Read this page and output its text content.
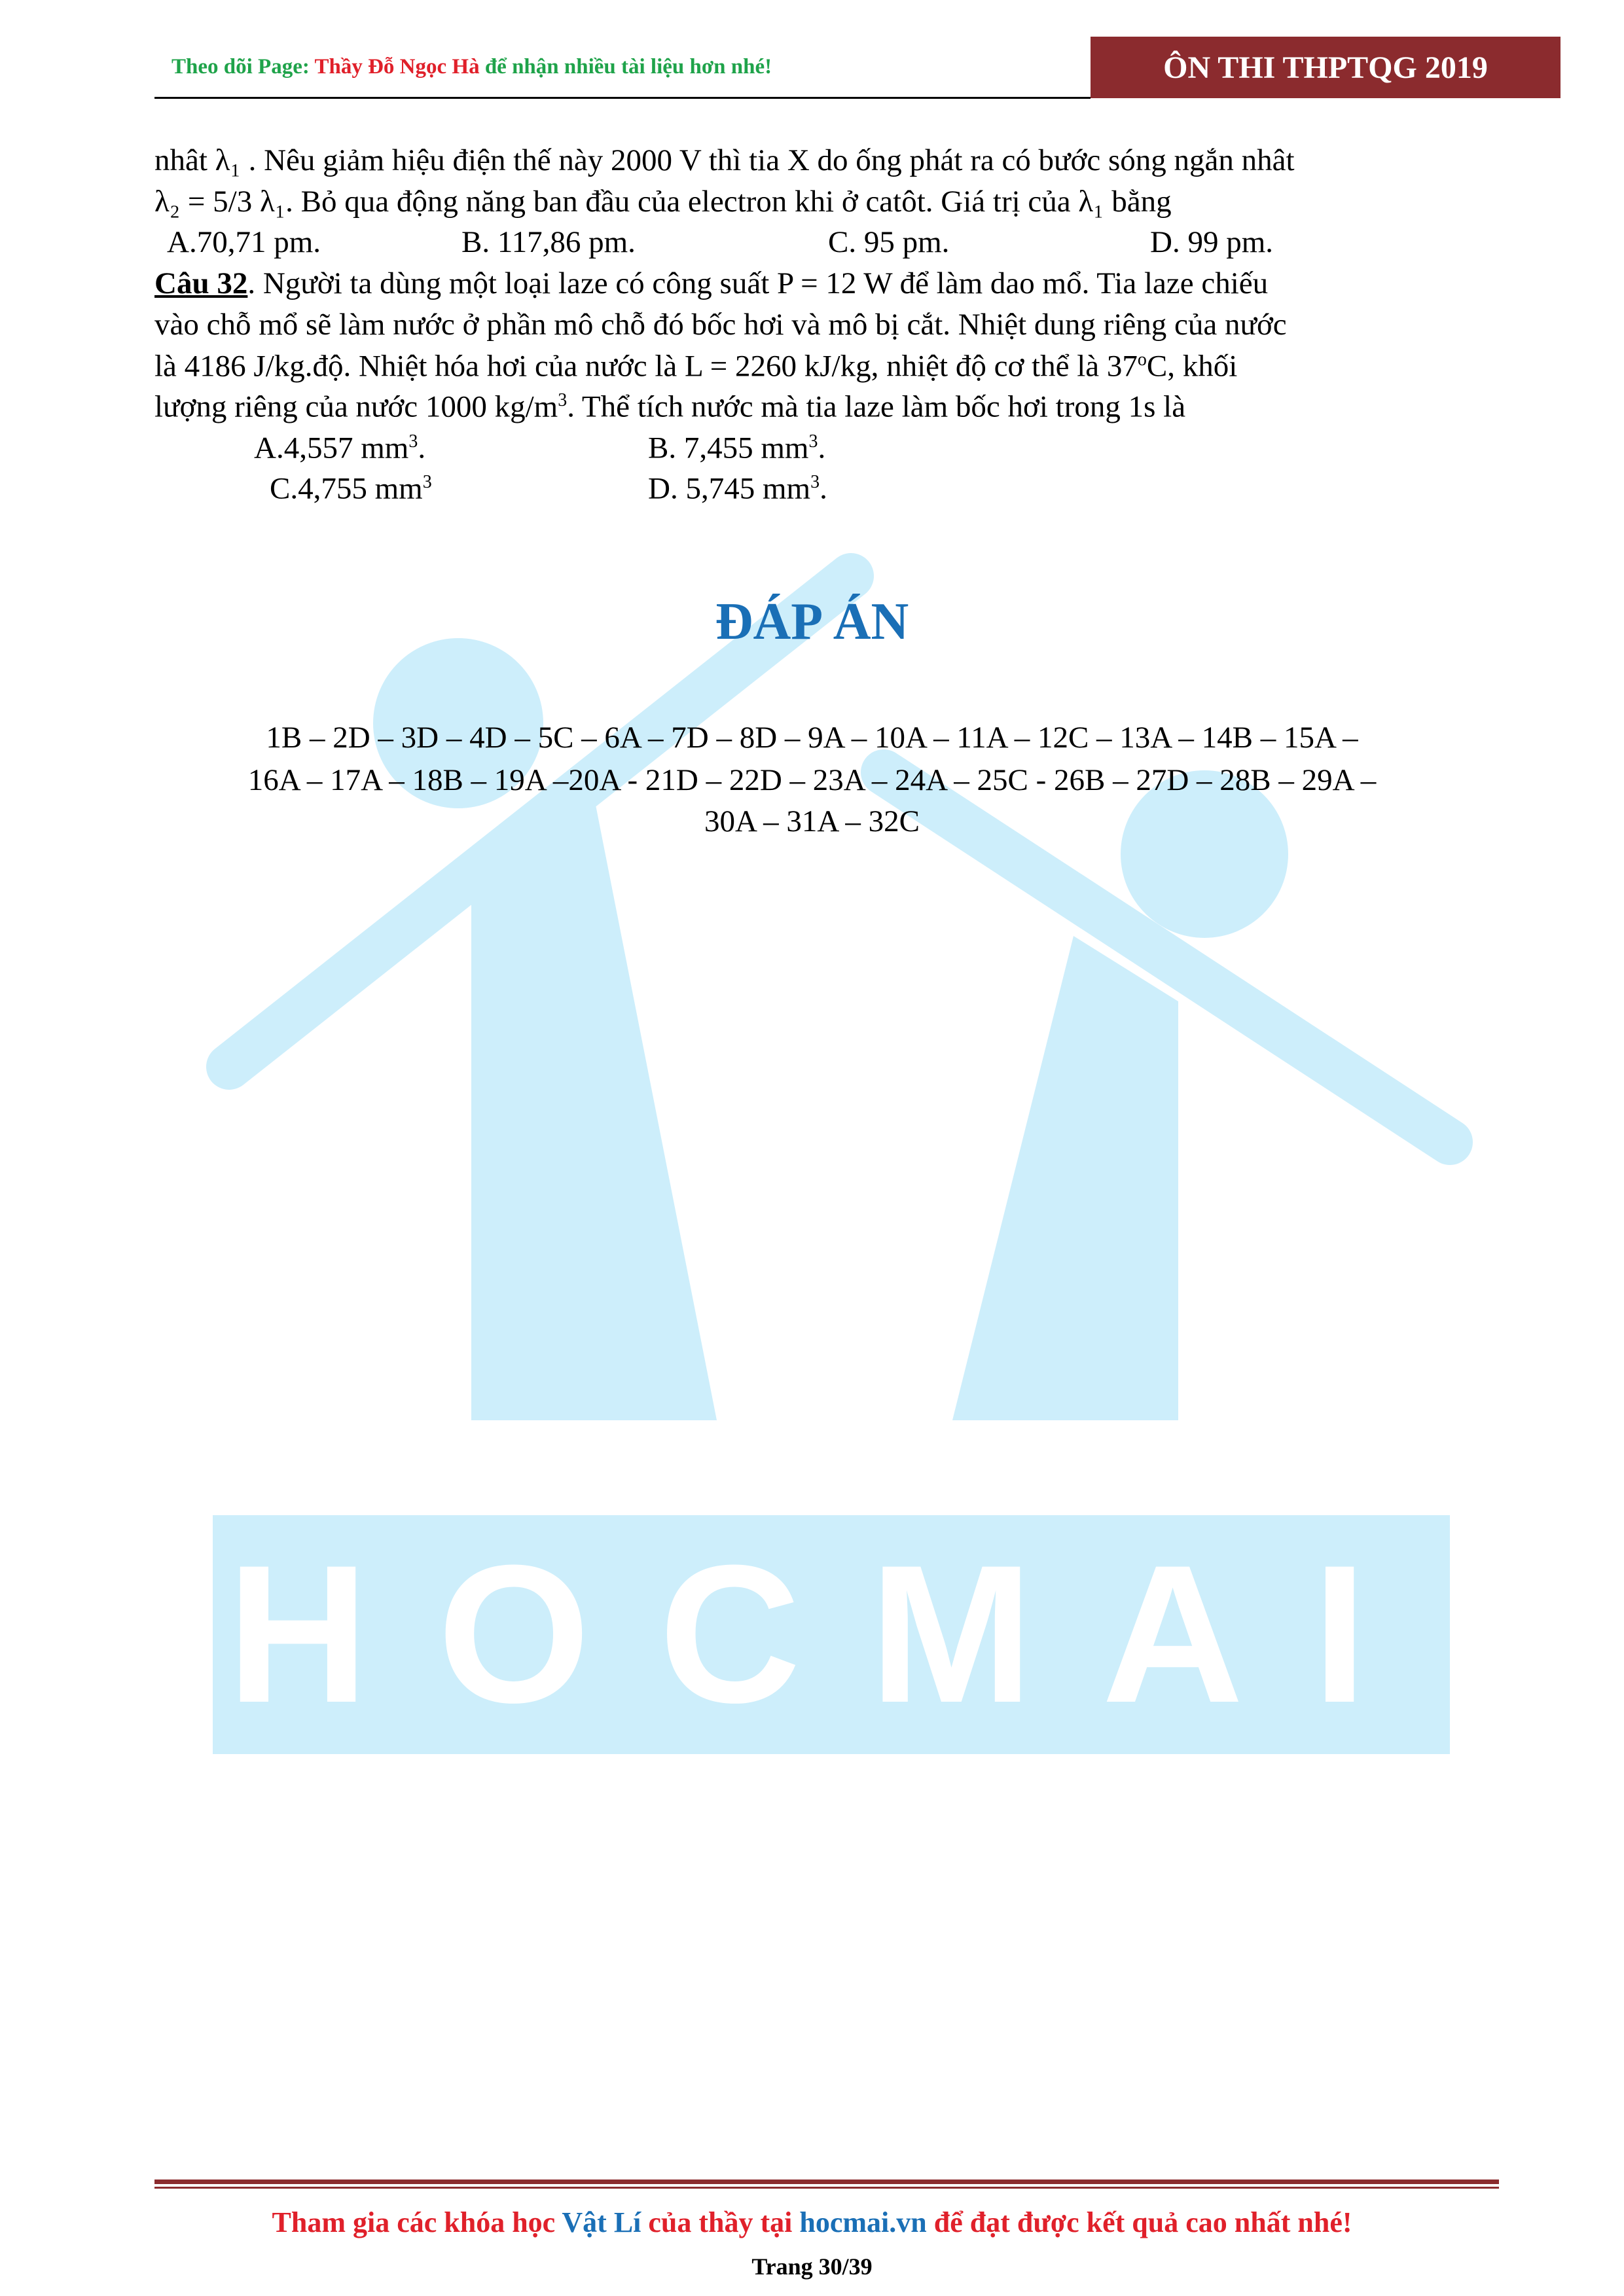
HOCMAI
Theo dõi Page: Thầy Đỗ Ngọc Hà để nhận nhiều tài liệu hơn nhé!	ÔN THI THPTQG 2019
nhât λ₁ . Nêu giảm hiệu điện thế này 2000 V thì tia X do ống phát ra có bước sóng ngắn nhât
λ₂ = 5/3 λ₁. Bỏ qua động năng ban đầu của electron khi ở catôt. Giá trị của λ₁ bằng
A.70,71 pm.	B. 117,86 pm.	C. 95 pm.	D. 99 pm.
Câu 32. Người ta dùng một loại laze có công suất P = 12 W để làm dao mổ. Tia laze chiếu
vào chỗ mổ sẽ làm nước ở phần mô chỗ đó bốc hơi và mô bị cắt. Nhiệt dung riêng của nước
là 4186 J/kg.độ. Nhiệt hóa hơi của nước là L = 2260 kJ/kg, nhiệt độ cơ thể là 37$^o$C, khối
lượng riêng của nước 1000 $kg/m^3$. Thể tích nước mà tia laze làm bốc hơi trong 1s là
A.4,557 $mm^3$.	B. 7,455 $mm^3$.
C.4,755 $mm^3$	D. 5,745 $mm^3$.
ĐÁP ÁN
1B – 2D – 3D – 4D – 5C – 6A – 7D – 8D – 9A – 10A – 11A – 12C – 13A – 14B – 15A –
16A – 17A – 18B – 19A –20A - 21D – 22D – 23A – 24A – 25C - 26B – 27D – 28B – 29A –
30A – 31A – 32C
Tham gia các khóa học Vật Lí của thầy tại hocmai.vn để đạt được kết quả cao nhất nhé!
Trang 30/39
